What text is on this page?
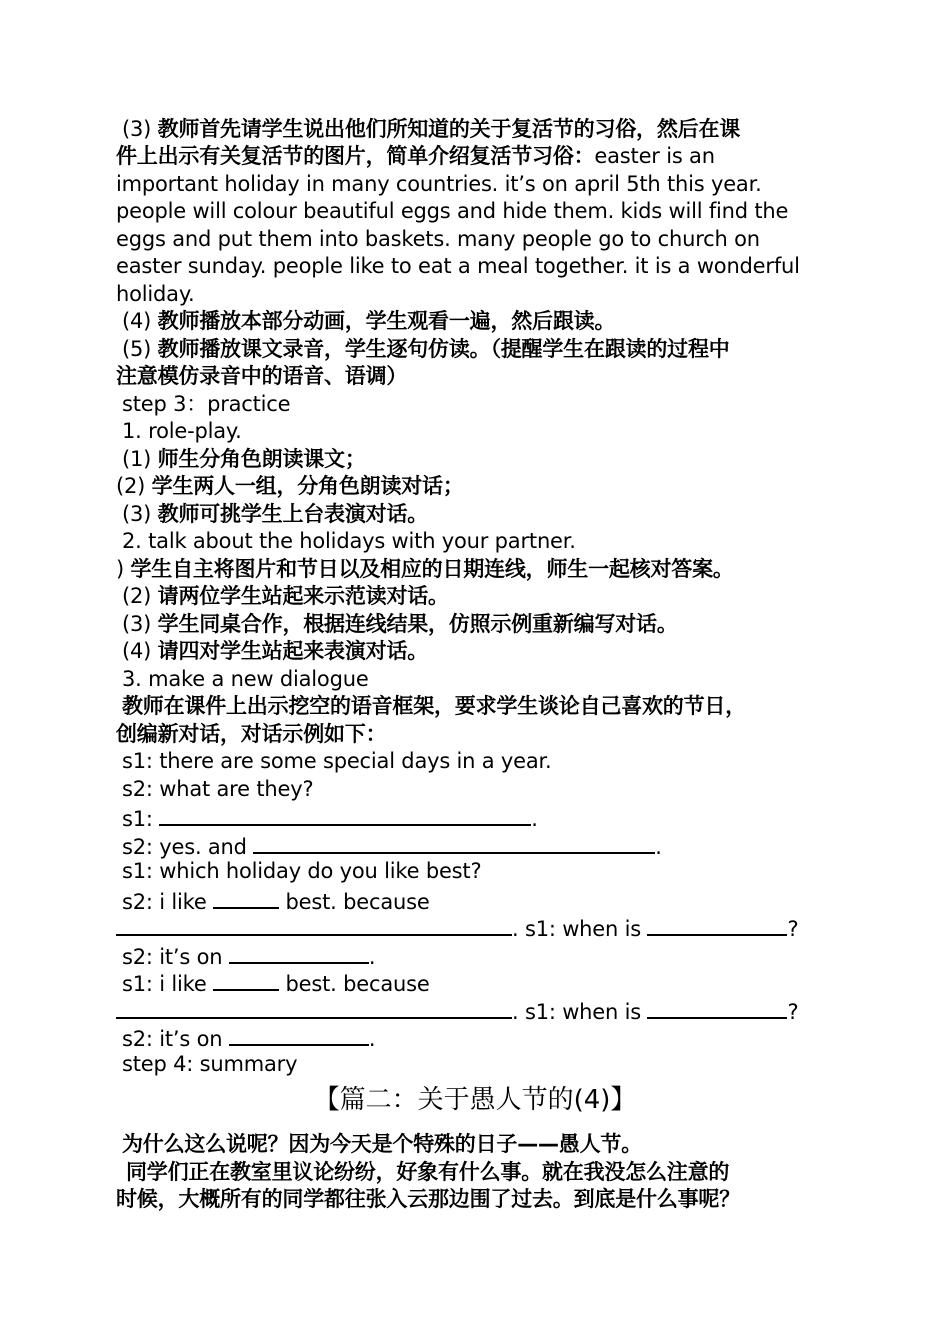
(3) 教师首先请学生说出他们所知道的关于复活节的习俗，然后在课
件上出示有关复活节的图片，简单介绍复活节习俗：easter is an
important holiday in many countries. it’s on april 5th this year.
people will colour beautiful eggs and hide them. kids will find the
eggs and put them into baskets. many people go to church on
easter sunday. people like to eat a meal together. it is a wonderful
holiday.
(4) 教师播放本部分动画，学生观看一遍，然后跟读。
(5) 教师播放课文录音，学生逐句仿读。（提醒学生在跟读的过程中
注意模仿录音中的语音、语调）
step 3：practice
1. role-play.
(1) 师生分角色朗读课文；
(2) 学生两人一组，分角色朗读对话；
(3) 教师可挑学生上台表演对话。
2. talk about the holidays with your partner.
) 学生自主将图片和节日以及相应的日期连线，师生一起核对答案。
(2) 请两位学生站起来示范读对话。
(3) 学生同桌合作，根据连线结果，仿照示例重新编写对话。
(4) 请四对学生站起来表演对话。
3. make a new dialogue
教师在课件上出示挖空的语音框架，要求学生谈论自己喜欢的节日，
创编新对话，对话示例如下：
s1: there are some special days in a year.
s2: what are they?
s1:	.
s2: yes. and	.
s1: which holiday do you like best?
s2: i like	best. because
. s1: when is	?
s2: it’s on	.
s1: i like	best. because
. s1: when is	?
s2: it’s on	.
step 4: summary
【篇二：关于愚人节的(4)】
为什么这么说呢？因为今天是个特殊的日子——愚人节。
同学们正在教室里议论纷纷，好象有什么事。就在我没怎么注意的
时候，大概所有的同学都往张入云那边围了过去。到底是什么事呢？
